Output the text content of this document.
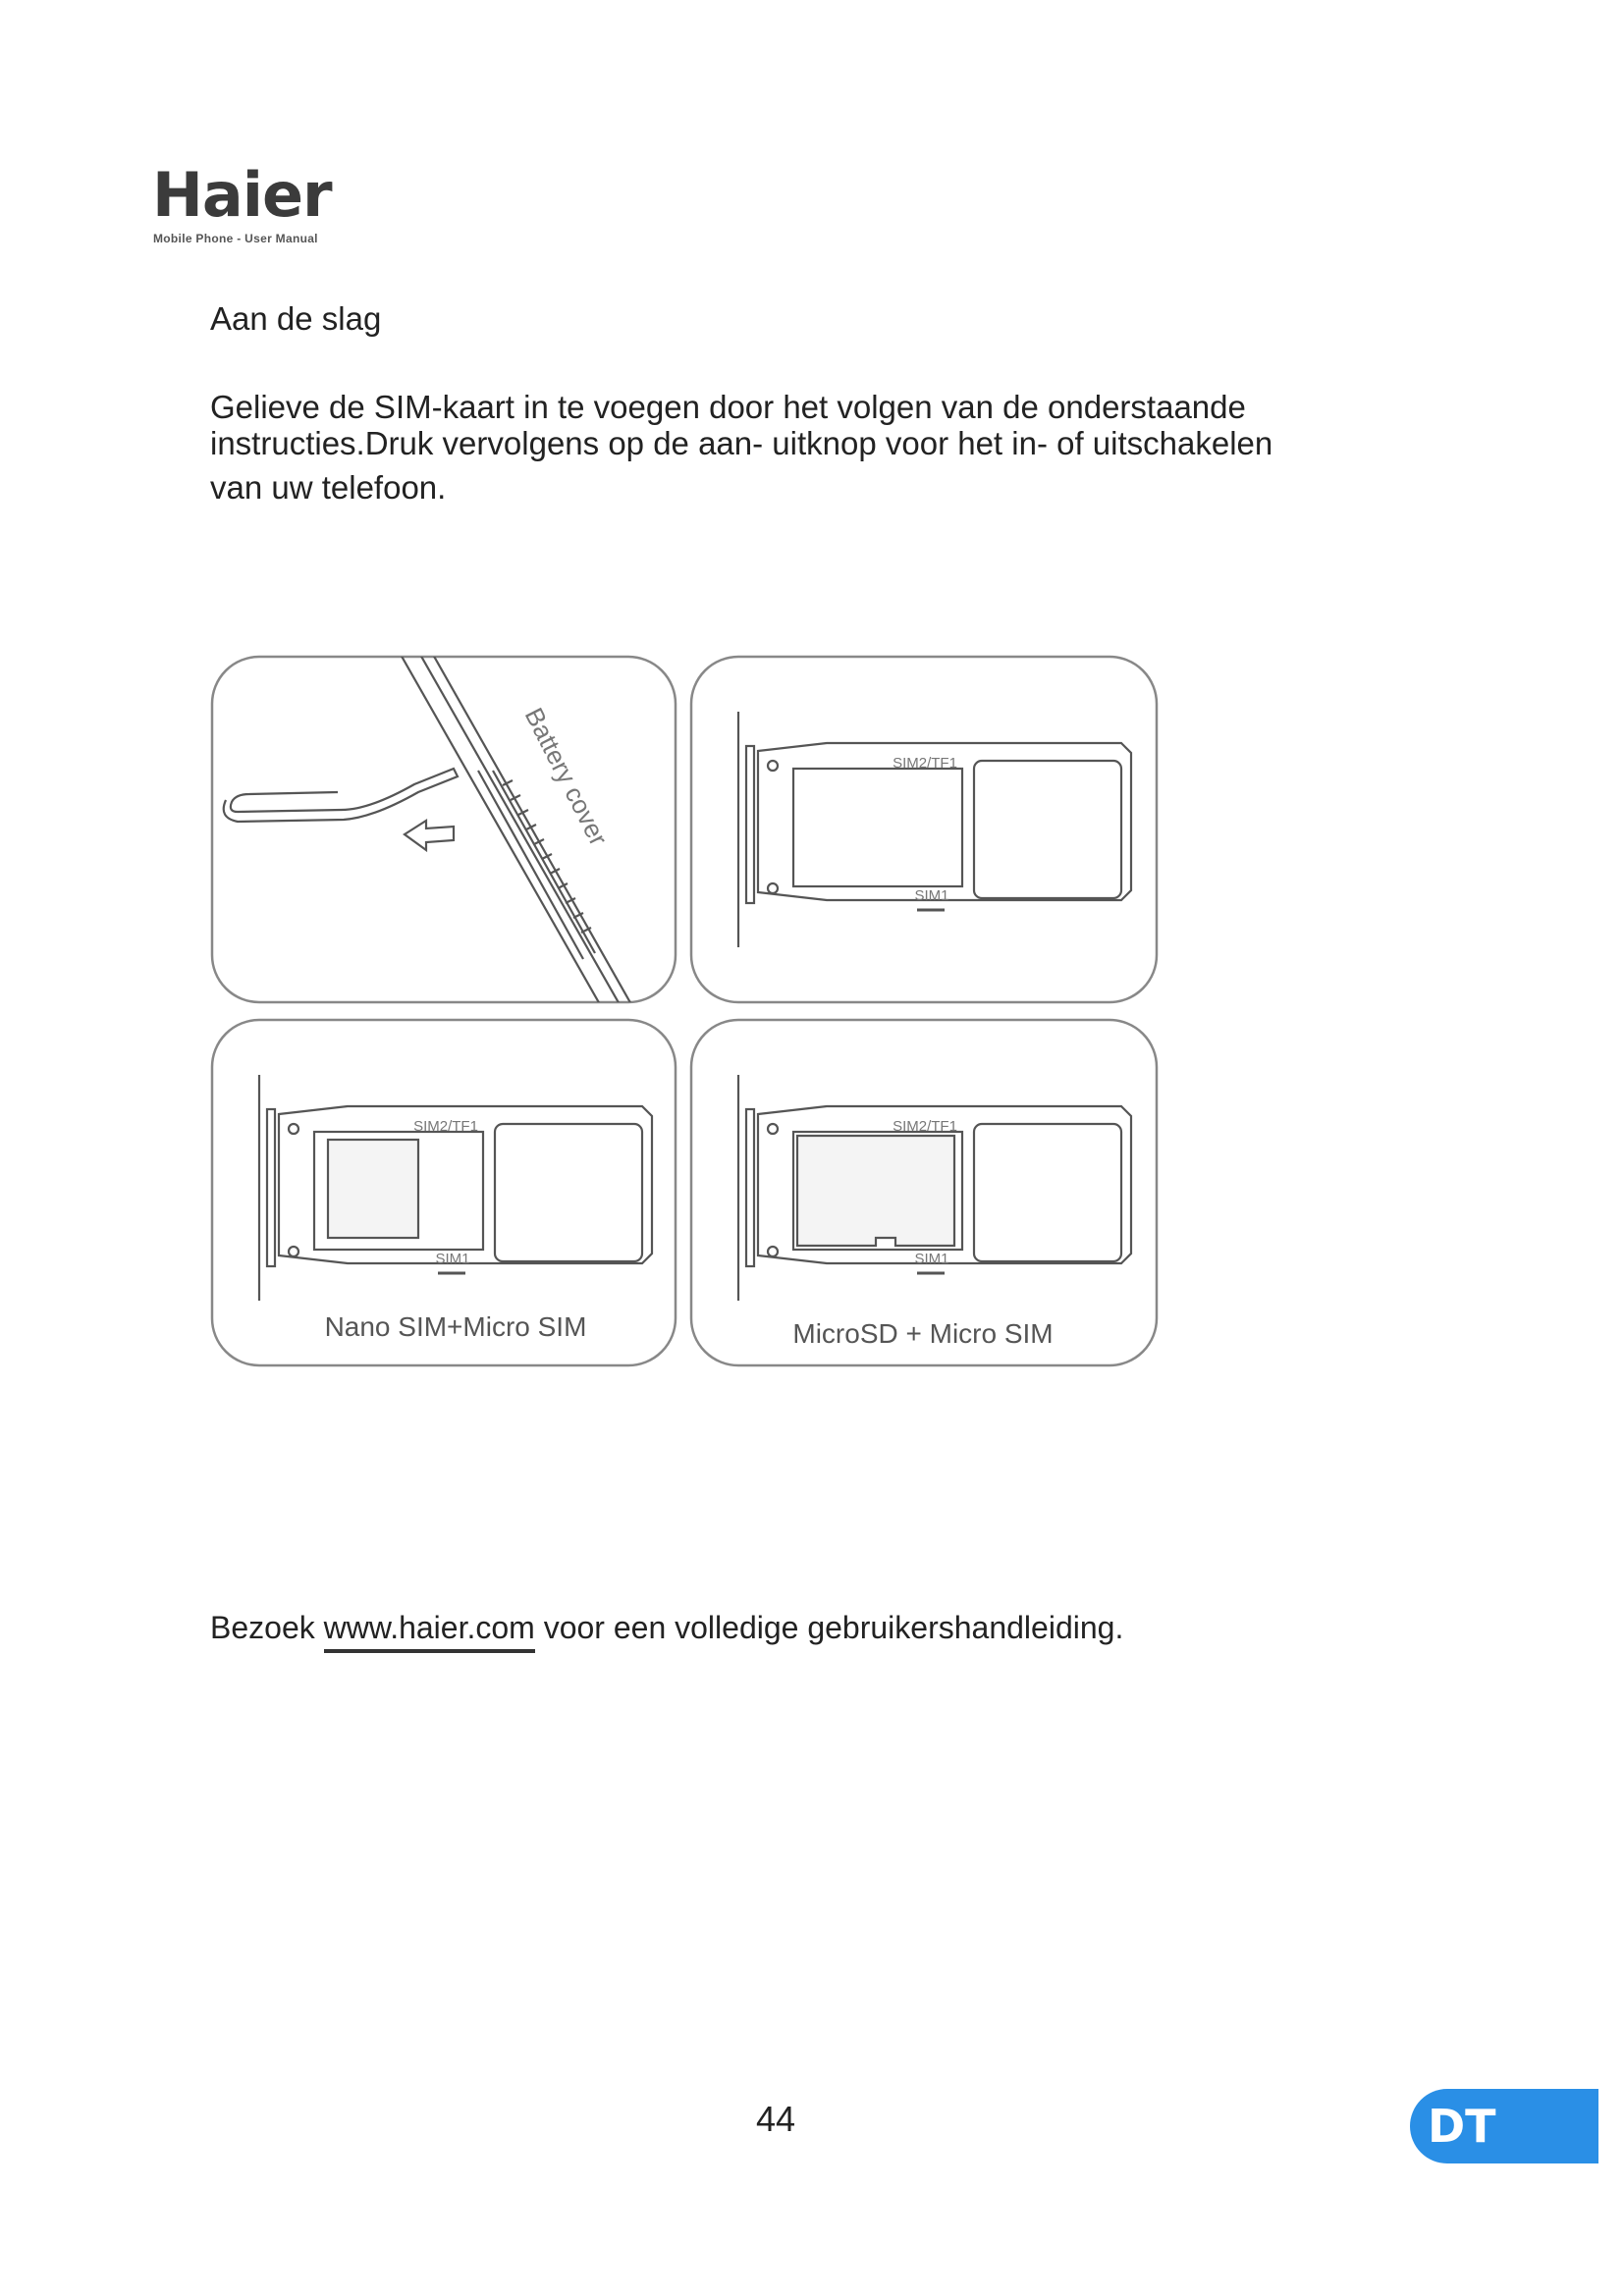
Haier
Mobile Phone - User Manual
Aan de slag
Gelieve de SIM-kaart in te voegen door het volgen van de onderstaande
instructies.Druk vervolgens op de aan- uitknop voor het in- of uitschakelen

van uw telefoon.
Battery cover	SIM2/TF1
SIM1
SIM2/TF1
SIM1
Nano SIM+Micro SIM
SIM2/TF1
SIM1
MicroSD + Micro SIM
Bezoek www.haier.com voor een volledige gebruikershandleiding.
44	DT
